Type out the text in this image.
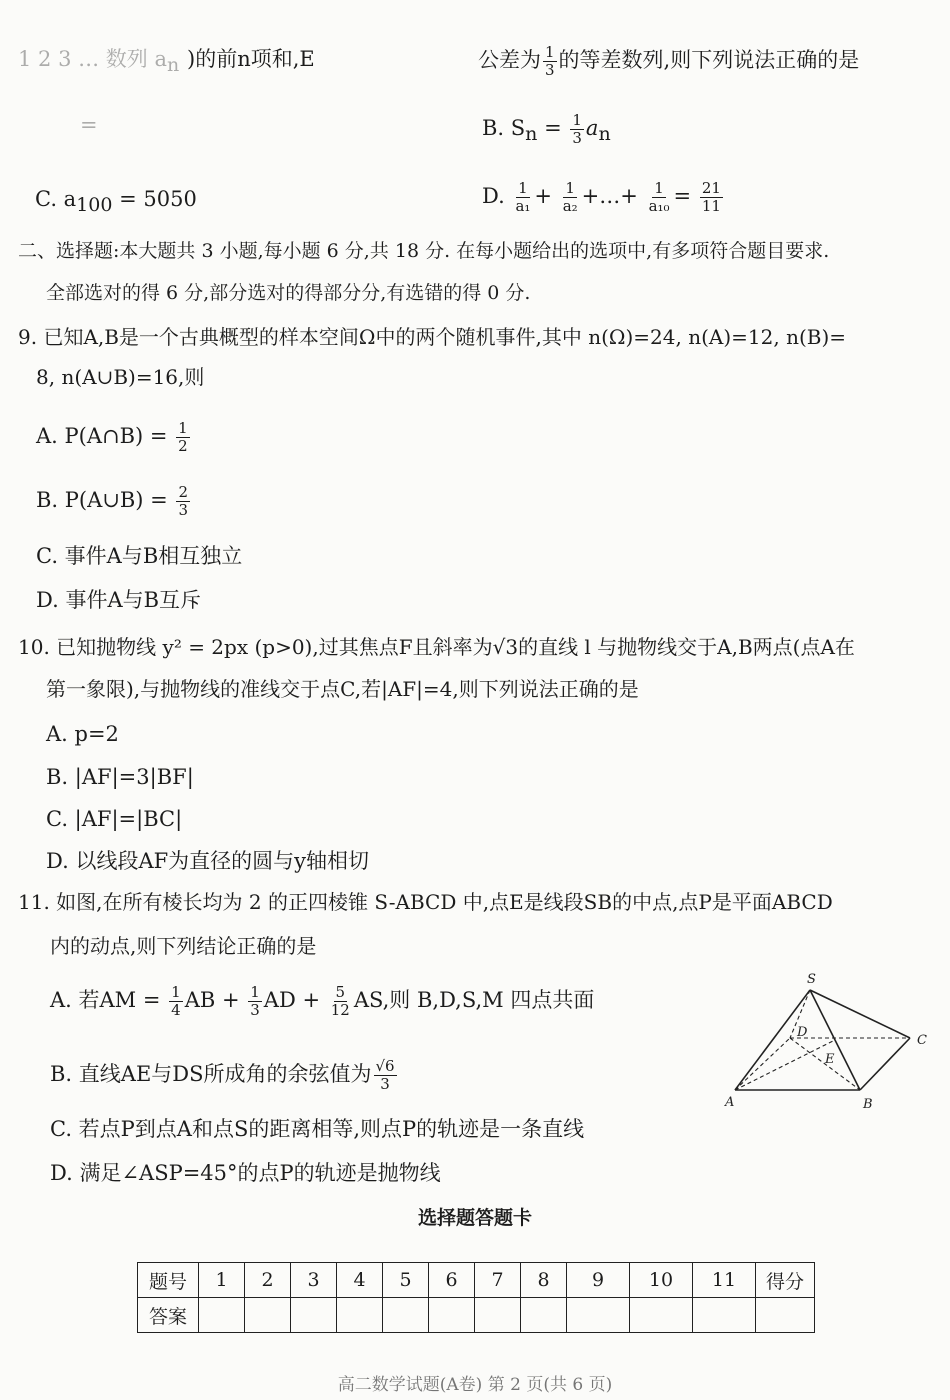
1 2 3 … 数列 $a_n$ )的前n项和,E	公差为 $\frac{1}{3}$ 的等差数列,则下列说法正确的是
=	B. $S_n = \frac{1}{3} a_n$
C. $a_{100} = 5050$	D. $\frac{1}{\text{a₁}} + \frac{1}{\text{a₂}}$ +…+ $\frac{1}{\text{a₁₀}} = \frac{21}{11}$
二、选择题:本大题共 3 小题,每小题 6 分,共 18 分. 在每小题给出的选项中,有多项符合题目要求.
全部选对的得 6 分,部分选对的得部分分,有选错的得 0 分.
9. 已知A,B是一个古典概型的样本空间Ω中的两个随机事件,其中 n(Ω)=24, n(A)=12, n(B)=
8, n(A∪B)=16,则
A. P(A∩B) = $\frac{1}{2}$
B. P(A∪B) = $\frac{2}{3}$
C. 事件A与B相互独立
D. 事件A与B互斥
10. 已知抛物线 y² = 2px (p>0),过其焦点F且斜率为√3的直线 l 与抛物线交于A,B两点(点A在
第一象限),与抛物线的准线交于点C,若|AF|=4,则下列说法正确的是
A. p=2
B. |AF|=3|BF|
C. |AF|=|BC|
D. 以线段AF为直径的圆与y轴相切
11. 如图,在所有棱长均为 2 的正四棱锥 S-ABCD 中,点E是线段SB的中点,点P是平面ABCD
内的动点,则下列结论正确的是
A. 若AM = $\frac{1}{4}$ AB + $\frac{1}{3}$ AD + $\frac{5}{12}$ AS,则 B,D,S,M 四点共面
B. 直线AE与DS所成角的余弦值为 $\frac{√6}{3}$
C. 若点P到点A和点S的距离相等,则点P的轨迹是一条直线
D. 满足∠ASP=45°的点P的轨迹是抛物线
S
D
C
E
A	B
选择题答题卡
题号	1	2	3	4	5	6	7	8	9	10	11	得分
答案												
高二数学试题(A卷) 第 2 页(共 6 页)
